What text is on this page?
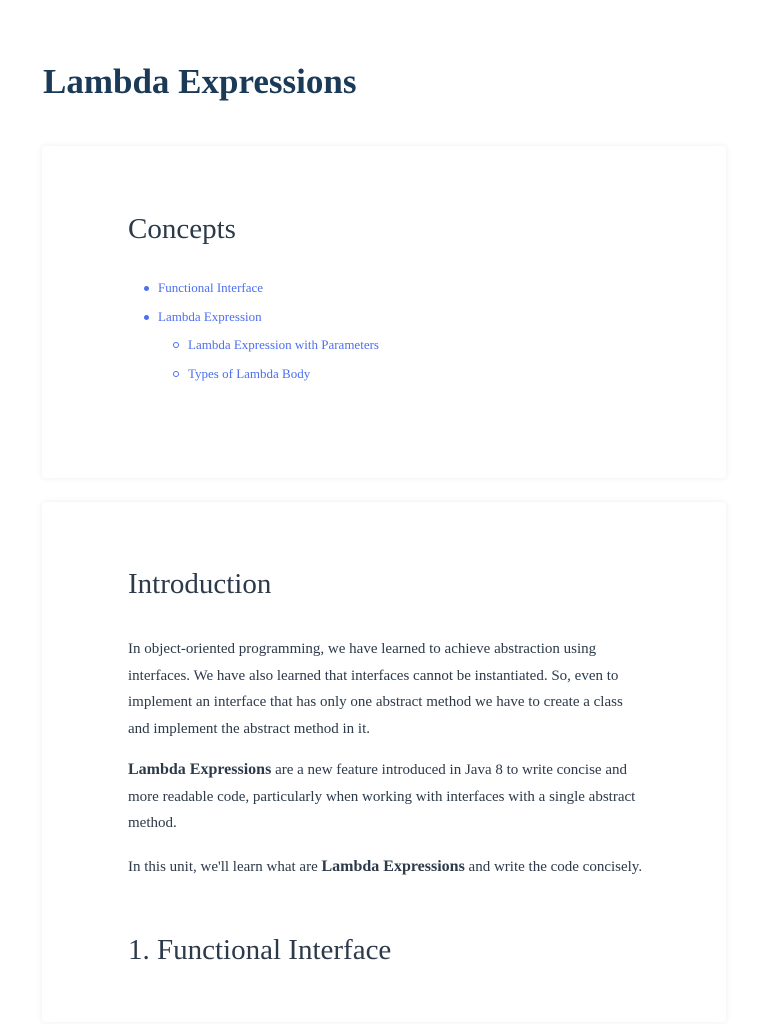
Lambda Expressions
Concepts
Functional Interface
Lambda Expression
Lambda Expression with Parameters
Types of Lambda Body
Introduction

In object-oriented programming, we have learned to achieve abstraction using interfaces. We have also learned that interfaces cannot be instantiated. So, even to implement an interface that has only one abstract method we have to create a class and implement the abstract method in it.

Lambda Expressions are a new feature introduced in Java 8 to write concise and more readable code, particularly when working with interfaces with a single abstract method.

In this unit, we'll learn what are Lambda Expressions and write the code concisely.

1. Functional Interface
